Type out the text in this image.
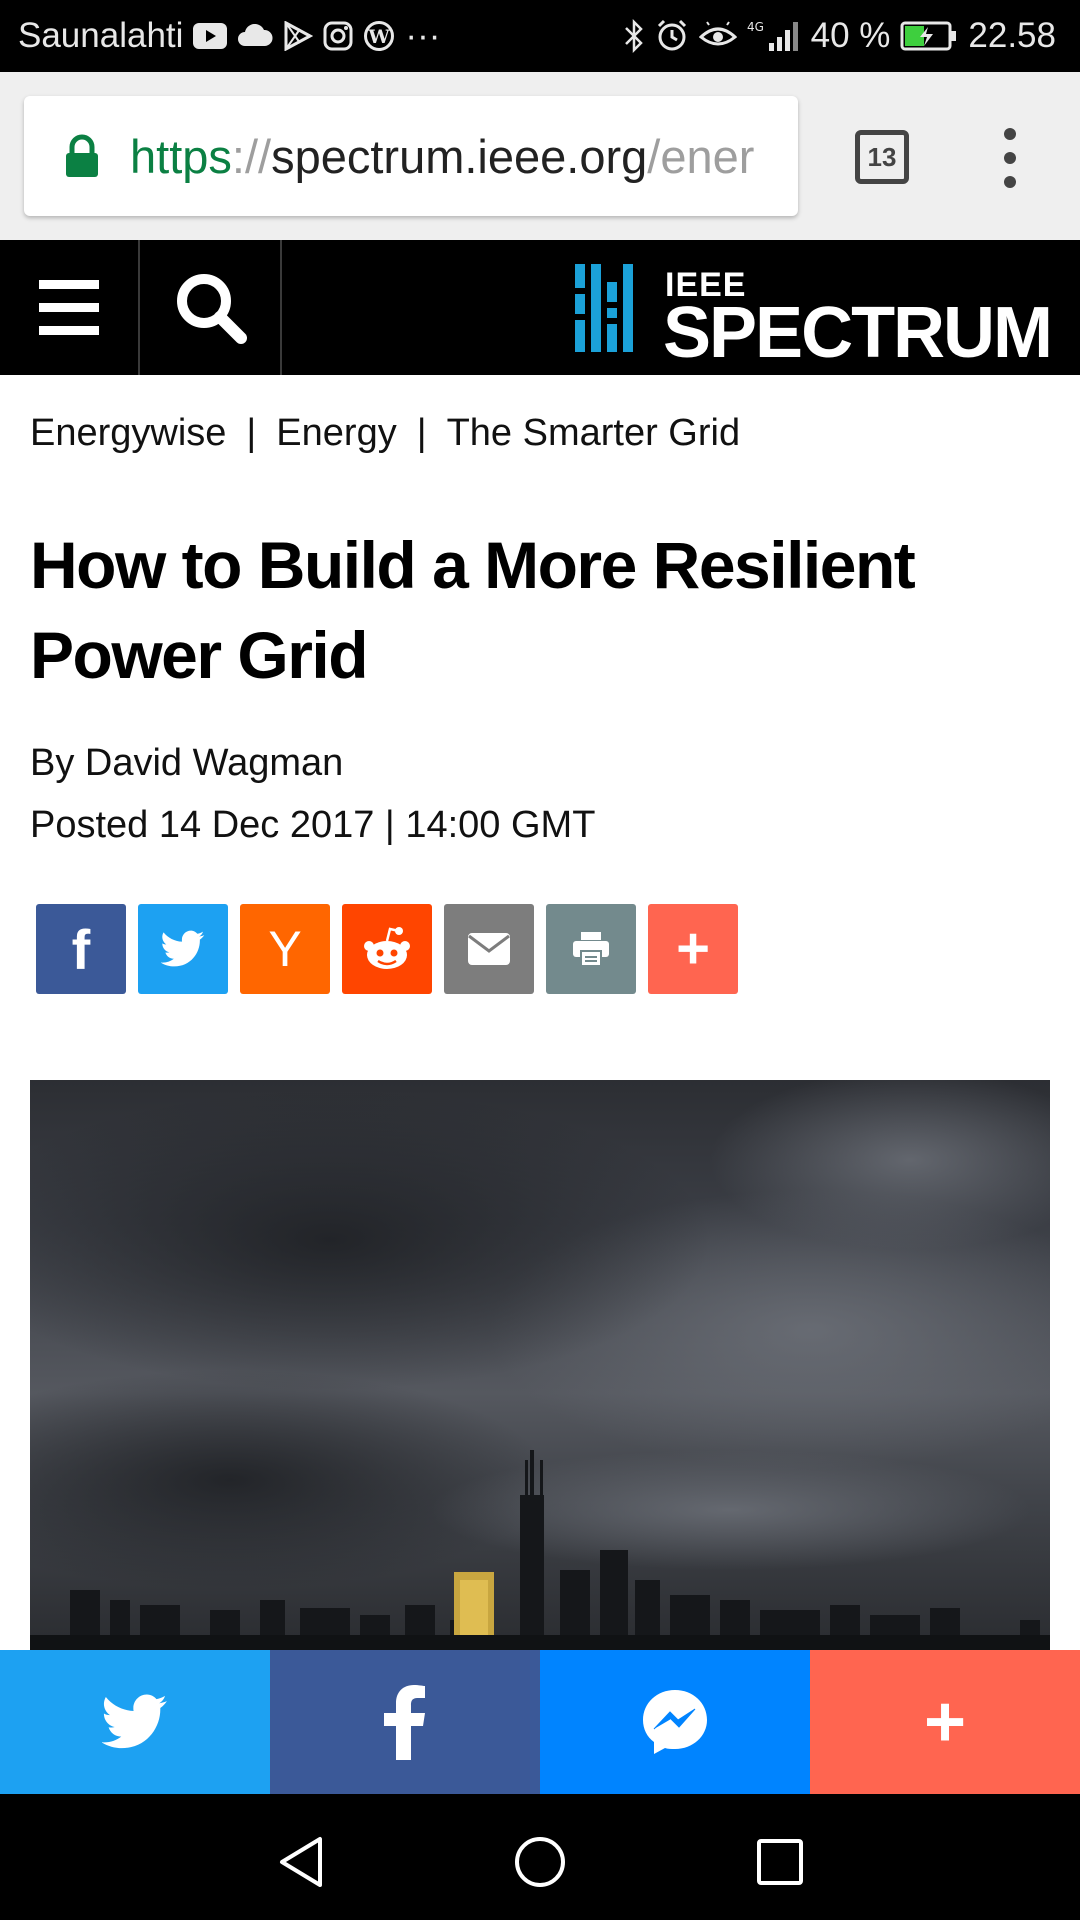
Saunalahti	W ···	4G 40 % 22.58
https://spectrum.ieee.org/ener	13
IEEE
SPECTRUM
Energywise | Energy | The Smarter Grid
How to Build a More Resilient Power Grid
By David Wagman
Posted 14 Dec 2017 | 14:00 GMT
f	Y	+
+
